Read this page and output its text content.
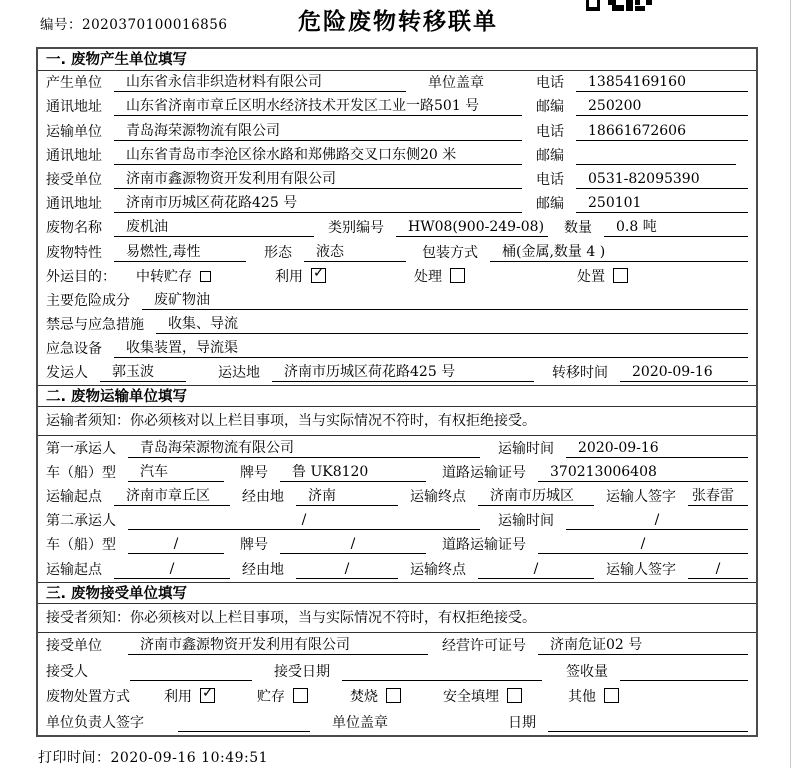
编号：2020370100016856	危险废物转移联单
一. 废物产生单位填写
产生单位	山东省永信非织造材料有限公司	单位盖章	电话	13854169160
通讯地址	山东省济南市章丘区明水经济技术开发区工业一路501 号	邮编	250200
运输单位	青岛海荣源物流有限公司	电话	18661672606
通讯地址	山东省青岛市李沧区徐水路和郑佛路交叉口东侧20 米	邮编
接受单位	济南市鑫源物资开发利用有限公司	电话	0531-82095390
通讯地址	济南市历城区荷花路425 号	邮编	250101
废物名称	废机油	类别编号	HW08(900-249-08) 数量	0.8 吨
废物特性	易燃性,毒性	形态	液态	包装方式	桶(金属,数量 4 )
外运目的：	中转贮存	利用 ✓	处理	处置
主要危险成分	废矿物油
禁忌与应急措施	收集、导流
应急设备	收集装置，导流渠
发运人	郭玉波	运达地	济南市历城区荷花路425 号	转移时间	2020-09-16
二. 废物运输单位填写
运输者须知：你必须核对以上栏目事项，当与实际情况不符时，有权拒绝接受。
第一承运人	青岛海荣源物流有限公司	运输时间	2020-09-16
车（船）型	汽车	牌号	鲁 UK8120	道路运输证号	370213006408
运输起点	济南市章丘区	经由地	济南	运输终点	济南市历城区	运输人签字	张春雷
第二承运人	/	运输时间	/
车（船）型	/	牌号	/	道路运输证号	/
运输起点	/	经由地	/	运输终点	/	运输人签字	/
三. 废物接受单位填写
接受者须知：你必须核对以上栏目事项，当与实际情况不符时，有权拒绝接受。
接受单位	济南市鑫源物资开发利用有限公司	经营许可证号	济南危证02 号
接受人	接受日期	签收量
废物处置方式	利用 ✓	贮存	焚烧	安全填埋	其他
单位负责人签字	单位盖章	日期
打印时间：2020-09-16 10:49:51
